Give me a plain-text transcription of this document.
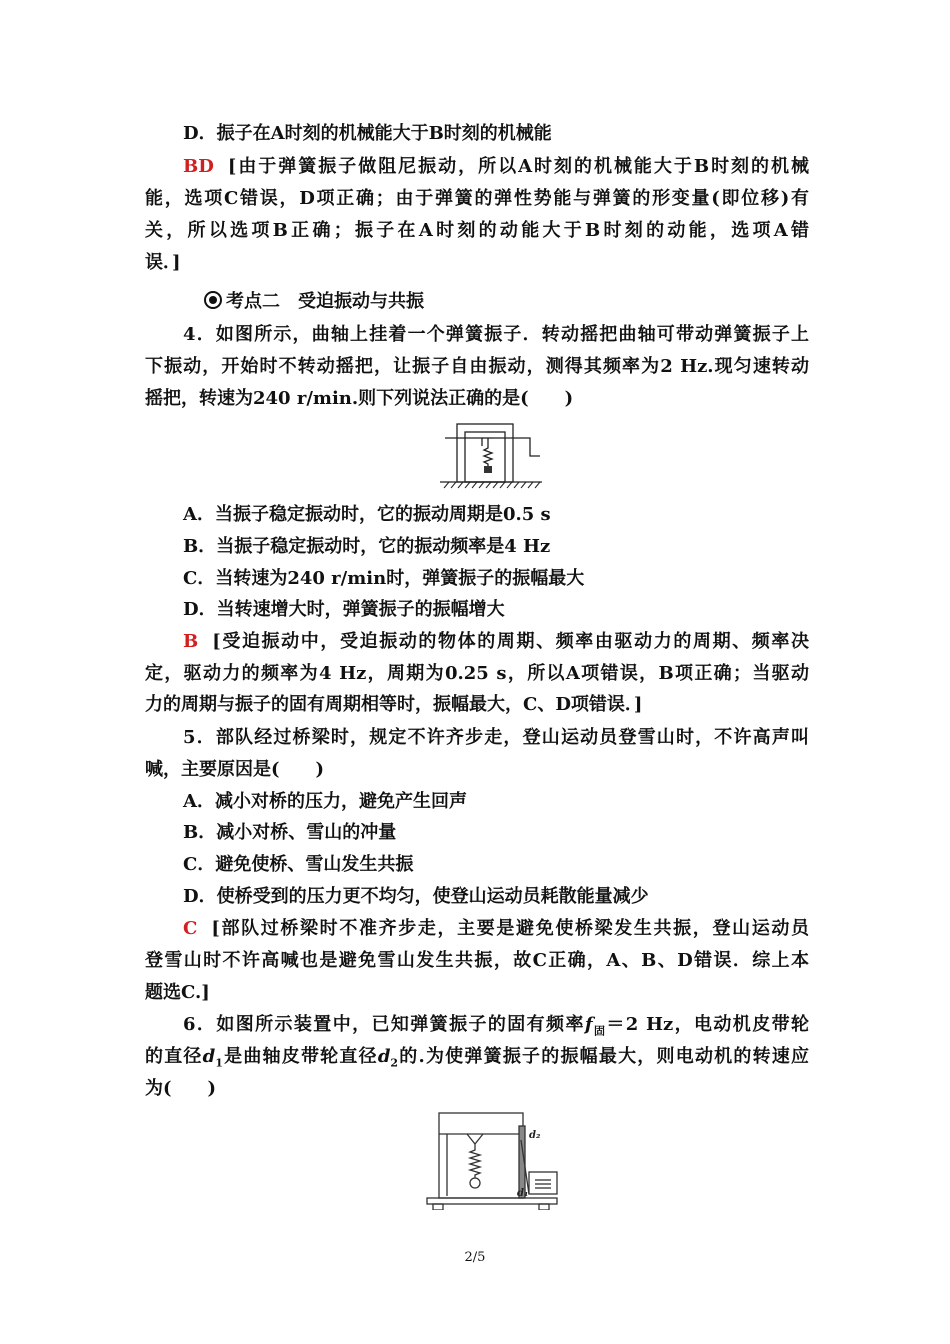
D．振子在A时刻的机械能大于B时刻的机械能
BD [由于弹簧振子做阻尼振动，所以A时刻的机械能大于B时刻的机械
能，选项C错误，D项正确；由于弹簧的弹性势能与弹簧的形变量(即位移)有
关，所以选项B正确；振子在A时刻的动能大于B时刻的动能，选项A错
误．]
考点二　受迫振动与共振
4．如图所示，曲轴上挂着一个弹簧振子．转动摇把曲轴可带动弹簧振子上
下振动，开始时不转动摇把，让振子自由振动，测得其频率为2 Hz.现匀速转动
摇把，转速为240 r/min.则下列说法正确的是(　　)
A．当振子稳定振动时，它的振动周期是0.5 s
B．当振子稳定振动时，它的振动频率是4 Hz
C．当转速为240 r/min时，弹簧振子的振幅最大
D．当转速增大时，弹簧振子的振幅增大
B [受迫振动中，受迫振动的物体的周期、频率由驱动力的周期、频率决
定，驱动力的频率为4 Hz，周期为0.25 s，所以A项错误，B项正确；当驱动
力的周期与振子的固有周期相等时，振幅最大，C、D项错误．]
5．部队经过桥梁时，规定不许齐步走，登山运动员登雪山时，不许高声叫
喊，主要原因是(　　)
A．减小对桥的压力，避免产生回声
B．减小对桥、雪山的冲量
C．避免使桥、雪山发生共振
D．使桥受到的压力更不均匀，使登山运动员耗散能量减少
C [部队过桥梁时不准齐步走，主要是避免使桥梁发生共振，登山运动员
登雪山时不许高喊也是避免雪山发生共振，故C正确，A、B、D错误．综上本
题选C.]
6．如图所示装置中，已知弹簧振子的固有频率$f_固=2$ Hz，电动机皮带轮
的直径$d_1$是曲轴皮带轮直径$d_2$的.为使弹簧振子的振幅最大，则电动机的转速应
为(　　)
d₂
d₁
2/5
